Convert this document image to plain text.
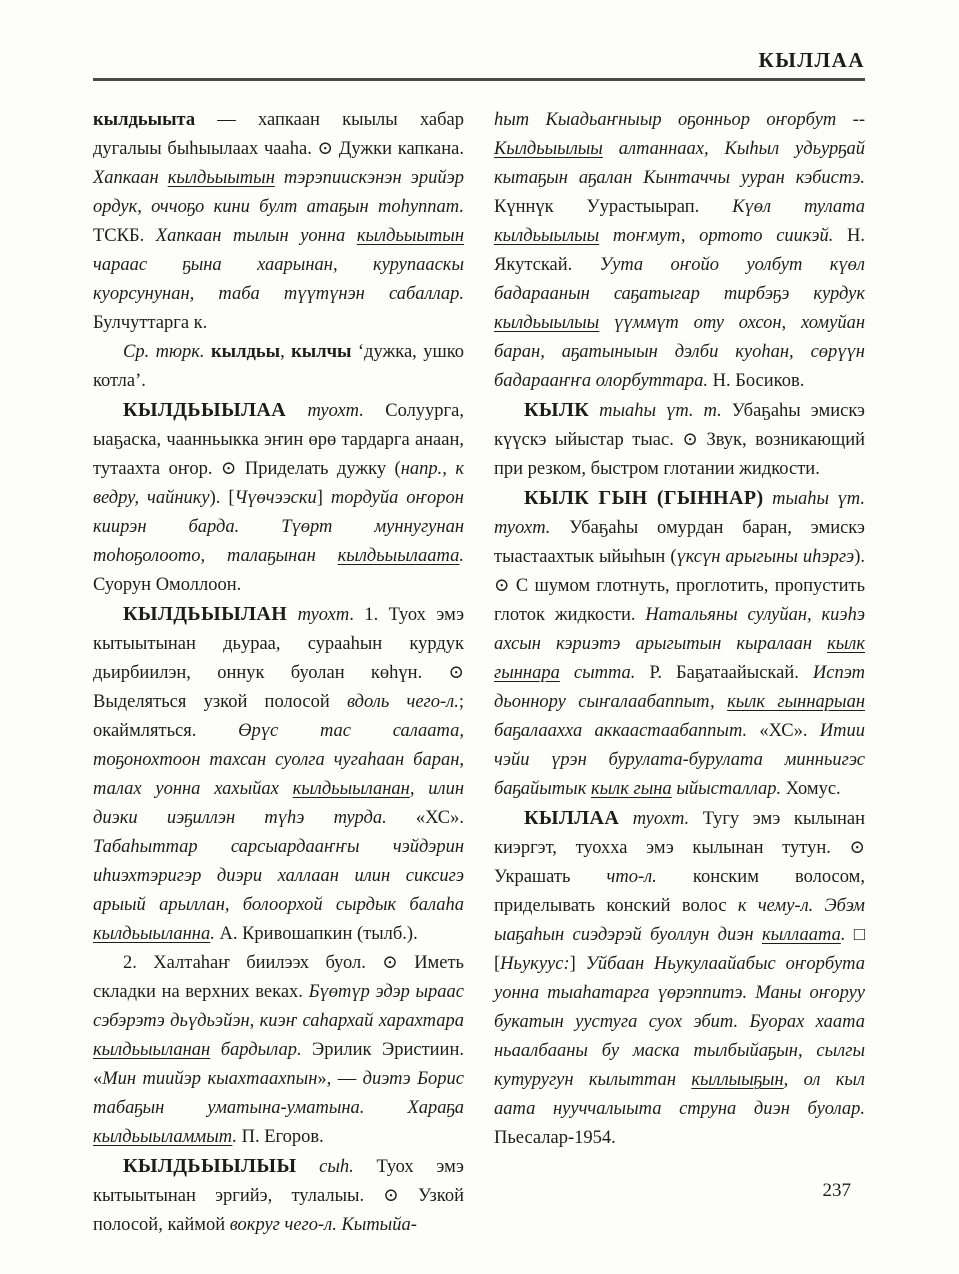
КЫЛЛАА

кылдьыыта — хапкаан кыылы хабар дугалыы быһыылаах чааһа. ⊙ Дужки капкана. Хапкаан кылдьыытын тэрэпиискэнэн эрийэр ордук, оччоҕо кини булт атаҕын тоһуппат. ТСКБ. Хапкаан тылын уонна кылдьыытын чараас ҕына хаарынан, курупааскы куорсунунан, таба түүтүнэн сабаллар. Булчуттарга к.

Ср. тюрк. кылдьы, кылчы ‘дужка, ушко котла’.

КЫЛДЬЫЫЛАА туохт. Солуурга, ыаҕаска, чаанньыкка эҥин өрө тардарга анаан, тутаахта оҥор. ⊙ Приделать дужку (напр., к ведру, чайнику). [Чүөчээски] тордуйа оҥорон киирэн барда. Түөрт муннугунан тоһоҕолоото, талаҕынан кылдьыылаата. Суорун Омоллоон.

КЫЛДЬЫЫЛАН туохт. 1. Туох эмэ кытыытынан дьураа, сурааһын курдук дьирбиилэн, оннук буолан көһүн. ⊙ Выделяться узкой полосой вдоль чего-л.; окаймляться. Өрүс тас салаата, тоҕонохтоон тахсан суолга чугаһаан баран, талах уонна хахыйах кылдьыыланан, илин диэки иэҕиллэн түһэ турда. «ХС». Табаһыттар сарсыардааҥҥы чэйдэрин иһиэхтэригэр диэри халлаан илин сиксигэ арыый арыллан, болоорхой сырдык балаһа кылдьыыланна. А. Кривошапкин (тылб.).

2. Халтаһаҥ биилээх буол. ⊙ Иметь складки на верхних веках. Бүөтүр эдэр ыраас сэбэрэтэ дьүдьэйэн, киэҥ саһархай харахтара кылдьыыланан бардылар. Эрилик Эристиин. «Мин тиийэр кыахтаахпын», — диэтэ Борис табаҕын уматына-уматына. Хараҕа кылдьыыламмыт. П. Егоров.

КЫЛДЬЫЫЛЫЫ сыһ. Туох эмэ кытыытынан эргийэ, тулалыы. ⊙ Узкой полосой, каймой вокруг чего-л. Кытыйа-

һыт Кыадьаҥныыр оҕонньор оҥорбут -- Кылдьыылыы алтаннаах, Кыһыл удьурҕай кытаҕын аҕалан Кынтаччы ууран кэбистэ. Күннүк Уурастыырап. Күөл тулата кылдьыылыы тоҥмут, ортото сиикэй. Н. Якутскай. Уута оҥойо уолбут күөл бадараанын саҕатыгар тирбэҕэ курдук кылдьыылыы үүммүт оту охсон, хомуйан баран, аҕатыныын дэлби куоһан, сөрүүн бадарааҥҥа олорбуттара. Н. Босиков.

КЫЛК тыаһы үт. т. Убаҕаһы эмискэ күүскэ ыйыстар тыас. ⊙ Звук, возникающий при резком, быстром глотании жидкости.

КЫЛК ГЫН (ГЫННАР) тыаһы үт. туохт. Убаҕаһы омурдан баран, эмискэ тыастаахтык ыйыһын (үксүн арыгыны иһэргэ). ⊙ С шумом глотнуть, проглотить, пропустить глоток жидкости. Натальяны сулуйан, киэһэ ахсын кэриэтэ арыгытын кыралаан кылк гыннара сытта. Р. Баҕатаайыскай. Испэт дьоннору сыҥалаабаппыт, кылк гыннарыан баҕалаахха аккаастаабаппыт. «ХС». Итии чэйи үрэн бурулата-бурулата минньигэс баҕайытык кылк гына ыйысталлар. Хомус.

КЫЛЛАА туохт. Тугу эмэ кылынан киэргэт, туохха эмэ кылынан тутун. ⊙ Украшать что-л. конским волосом, приделывать конский волос к чему-л. Эбэм ыаҕаһын сиэдэрэй буоллун диэн кыллаата. □ [Ньукуус:] Уйбаан Ньукулаайабыс оҥорбута уонна тыаһатарга үөрэппитэ. Маны оҥоруу букатын уустуга суох эбит. Буорах хаата ньаалбааны бу маска тылбыйаҕын, сылгы кутуругун кылыттан кыллыыҕын, ол кыл аата нууччалыыта струна диэн буолар. Пьесалар-1954.

237
